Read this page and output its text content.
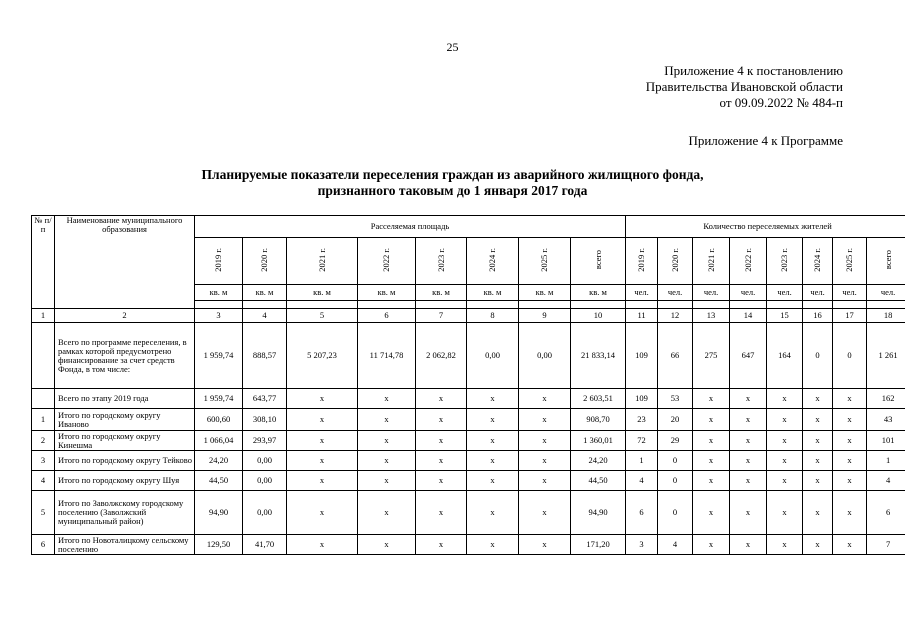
25
Приложение 4 к постановлению
Правительства Ивановской области
от 09.09.2022 № 484-п
Приложение 4 к Программе
Планируемые показатели переселения граждан из аварийного жилищного фонда,
признанного таковым до 1 января 2017 года
№ п/п	Наименование муниципального образования	Расселяемая площадь								Количество переселяемых жителей							
		2019 г.	2020 г.	2021 г.	2022 г.	2023 г.	2024 г.	2025 г.	всего	2019 г.	2020 г.	2021 г.	2022 г.	2023 г.	2024 г.	2025 г.	всего
		кв. м	кв. м	кв. м	кв. м	кв. м	кв. м	кв. м	кв. м	чел.	чел.	чел.	чел.	чел.	чел.	чел.	чел.

1	2	3	4	5	6	7	8	9	10	11	12	13	14	15	16	17	18
	Всего по программе переселения, в рамках которой предусмотрено финансирование за счет средств Фонда, в том числе:	1 959,74	888,57	5 207,23	11 714,78	2 062,82	0,00	0,00	21 833,14	109	66	275	647	164	0	0	1 261
	Всего по этапу 2019 года	1 959,74	643,77	х	х	х	х	х	2 603,51	109	53	х	х	х	х	х	162
1	Итого по городскому округу Иваново	600,60	308,10	х	х	х	х	х	908,70	23	20	х	х	х	х	х	43
2	Итого по городскому округу Кинешма	1 066,04	293,97	х	х	х	х	х	1 360,01	72	29	х	х	х	х	х	101
3	Итого по городскому округу Тейково	24,20	0,00	х	х	х	х	х	24,20	1	0	х	х	х	х	х	1
4	Итого по городскому округу Шуя	44,50	0,00	х	х	х	х	х	44,50	4	0	х	х	х	х	х	4
5	Итого по Заволжскому городскому поселению (Заволжский муниципальный район)	94,90	0,00	х	х	х	х	х	94,90	6	0	х	х	х	х	х	6
6	Итого по Новоталицкому сельскому поселению	129,50	41,70	х	х	х	х	х	171,20	3	4	х	х	х	х	х	7
